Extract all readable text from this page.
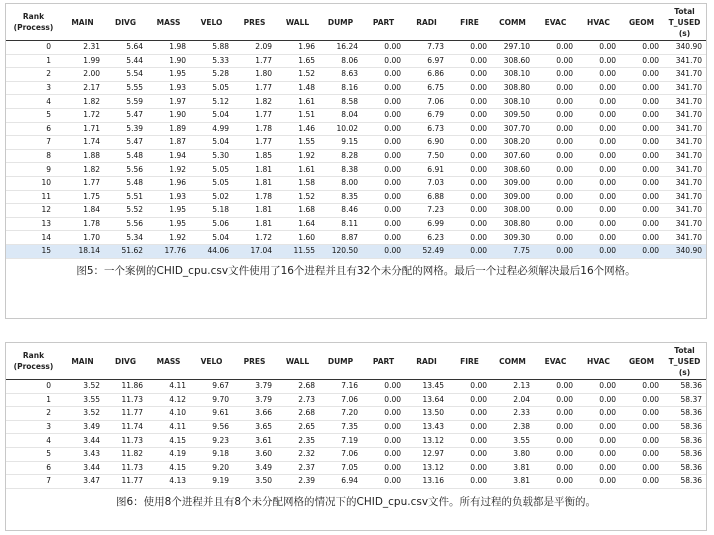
Rank (Process)	MAIN	DIVG	MASS	VELO	PRES	WALL	DUMP	PART	RADI	FIRE	COMM	EVAC	HVAC	GEOM	Total T_USED (s)
0	2.31	5.64	1.98	5.88	2.09	1.96	16.24	0.00	7.73	0.00	297.10	0.00	0.00	0.00	340.90
1	1.99	5.44	1.90	5.33	1.77	1.65	8.06	0.00	6.97	0.00	308.60	0.00	0.00	0.00	341.70
2	2.00	5.54	1.95	5.28	1.80	1.52	8.63	0.00	6.86	0.00	308.10	0.00	0.00	0.00	341.70
3	2.17	5.55	1.93	5.05	1.77	1.48	8.16	0.00	6.75	0.00	308.80	0.00	0.00	0.00	341.70
4	1.82	5.59	1.97	5.12	1.82	1.61	8.58	0.00	7.06	0.00	308.10	0.00	0.00	0.00	341.70
5	1.72	5.47	1.90	5.04	1.77	1.51	8.04	0.00	6.79	0.00	309.50	0.00	0.00	0.00	341.70
6	1.71	5.39	1.89	4.99	1.78	1.46	10.02	0.00	6.73	0.00	307.70	0.00	0.00	0.00	341.70
7	1.74	5.47	1.87	5.04	1.77	1.55	9.15	0.00	6.90	0.00	308.20	0.00	0.00	0.00	341.70
8	1.88	5.48	1.94	5.30	1.85	1.92	8.28	0.00	7.50	0.00	307.60	0.00	0.00	0.00	341.70
9	1.82	5.56	1.92	5.05	1.81	1.61	8.38	0.00	6.91	0.00	308.60	0.00	0.00	0.00	341.70
10	1.77	5.48	1.96	5.05	1.81	1.58	8.00	0.00	7.03	0.00	309.00	0.00	0.00	0.00	341.70
11	1.75	5.51	1.93	5.02	1.78	1.52	8.35	0.00	6.88	0.00	309.00	0.00	0.00	0.00	341.70
12	1.84	5.52	1.95	5.18	1.81	1.68	8.46	0.00	7.23	0.00	308.00	0.00	0.00	0.00	341.70
13	1.78	5.56	1.95	5.06	1.81	1.64	8.11	0.00	6.99	0.00	308.80	0.00	0.00	0.00	341.70
14	1.70	5.34	1.92	5.04	1.72	1.60	8.87	0.00	6.23	0.00	309.30	0.00	0.00	0.00	341.70
15	18.14	51.62	17.76	44.06	17.04	11.55	120.50	0.00	52.49	0.00	7.75	0.00	0.00	0.00	340.90
图5：一个案例的CHID_cpu.csv文件使用了16个进程并且有32个未分配的网格。最后一个过程必须解决最后16个网格。
Rank (Process)	MAIN	DIVG	MASS	VELO	PRES	WALL	DUMP	PART	RADI	FIRE	COMM	EVAC	HVAC	GEOM	Total T_USED (s)
0	3.52	11.86	4.11	9.67	3.79	2.68	7.16	0.00	13.45	0.00	2.13	0.00	0.00	0.00	58.36
1	3.55	11.73	4.12	9.70	3.79	2.73	7.06	0.00	13.64	0.00	2.04	0.00	0.00	0.00	58.37
2	3.52	11.77	4.10	9.61	3.66	2.68	7.20	0.00	13.50	0.00	2.33	0.00	0.00	0.00	58.36
3	3.49	11.74	4.11	9.56	3.65	2.65	7.35	0.00	13.43	0.00	2.38	0.00	0.00	0.00	58.36
4	3.44	11.73	4.15	9.23	3.61	2.35	7.19	0.00	13.12	0.00	3.55	0.00	0.00	0.00	58.36
5	3.43	11.82	4.19	9.18	3.60	2.32	7.06	0.00	12.97	0.00	3.80	0.00	0.00	0.00	58.36
6	3.44	11.73	4.15	9.20	3.49	2.37	7.05	0.00	13.12	0.00	3.81	0.00	0.00	0.00	58.36
7	3.47	11.77	4.13	9.19	3.50	2.39	6.94	0.00	13.16	0.00	3.81	0.00	0.00	0.00	58.36
图6：使用8个进程并且有8个未分配网格的情况下的CHID_cpu.csv文件。所有过程的负载都是平衡的。
